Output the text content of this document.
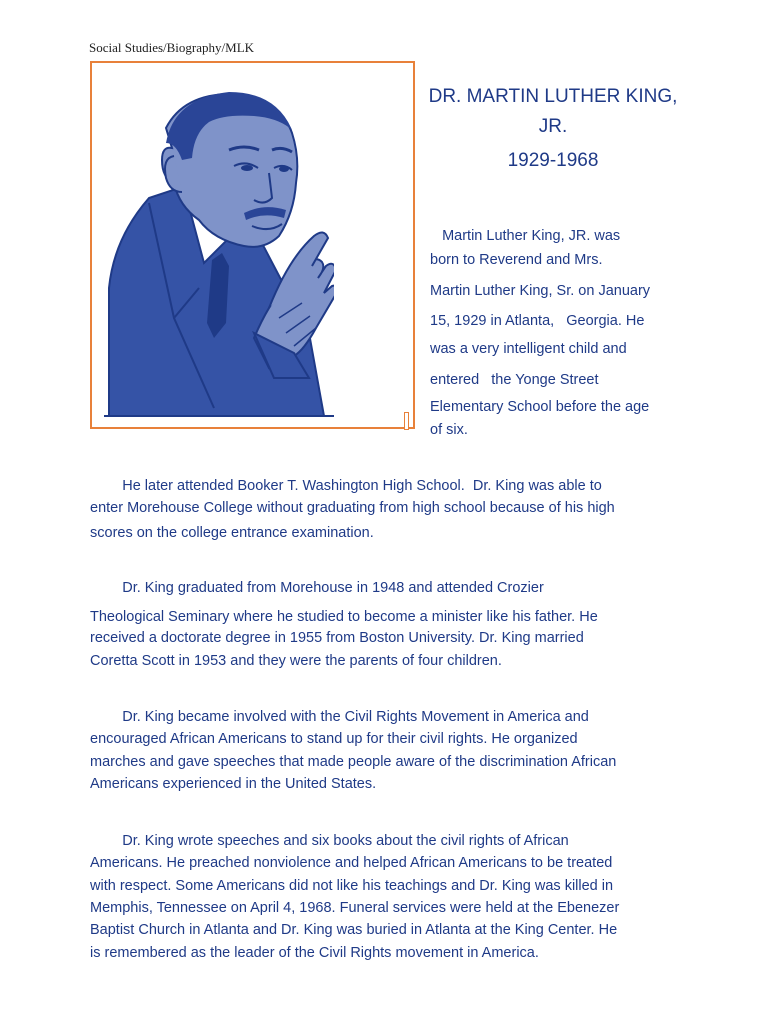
Social Studies/Biography/MLK
DR. MARTIN LUTHER KING,
JR.
1929-1968
Martin Luther King, JR. was
born to Reverend and Mrs.
Martin Luther King, Sr. on January
15, 1929 in Atlanta,   Georgia. He
was a very intelligent child and
entered   the Yonge Street
Elementary School before the age
of six.
He later attended Booker T. Washington High School.  Dr. King was able to
enter Morehouse College without graduating from high school because of his high
scores on the college entrance examination.
Dr. King graduated from Morehouse in 1948 and attended Crozier
Theological Seminary where he studied to become a minister like his father. He
received a doctorate degree in 1955 from Boston University. Dr. King married
Coretta Scott in 1953 and they were the parents of four children.
Dr. King became involved with the Civil Rights Movement in America and
encouraged African Americans to stand up for their civil rights. He organized
marches and gave speeches that made people aware of the discrimination African
Americans experienced in the United States.
Dr. King wrote speeches and six books about the civil rights of African
Americans. He preached nonviolence and helped African Americans to be treated
with respect. Some Americans did not like his teachings and Dr. King was killed in
Memphis, Tennessee on April 4, 1968. Funeral services were held at the Ebenezer
Baptist Church in Atlanta and Dr. King was buried in Atlanta at the King Center. He
is remembered as the leader of the Civil Rights movement in America.
